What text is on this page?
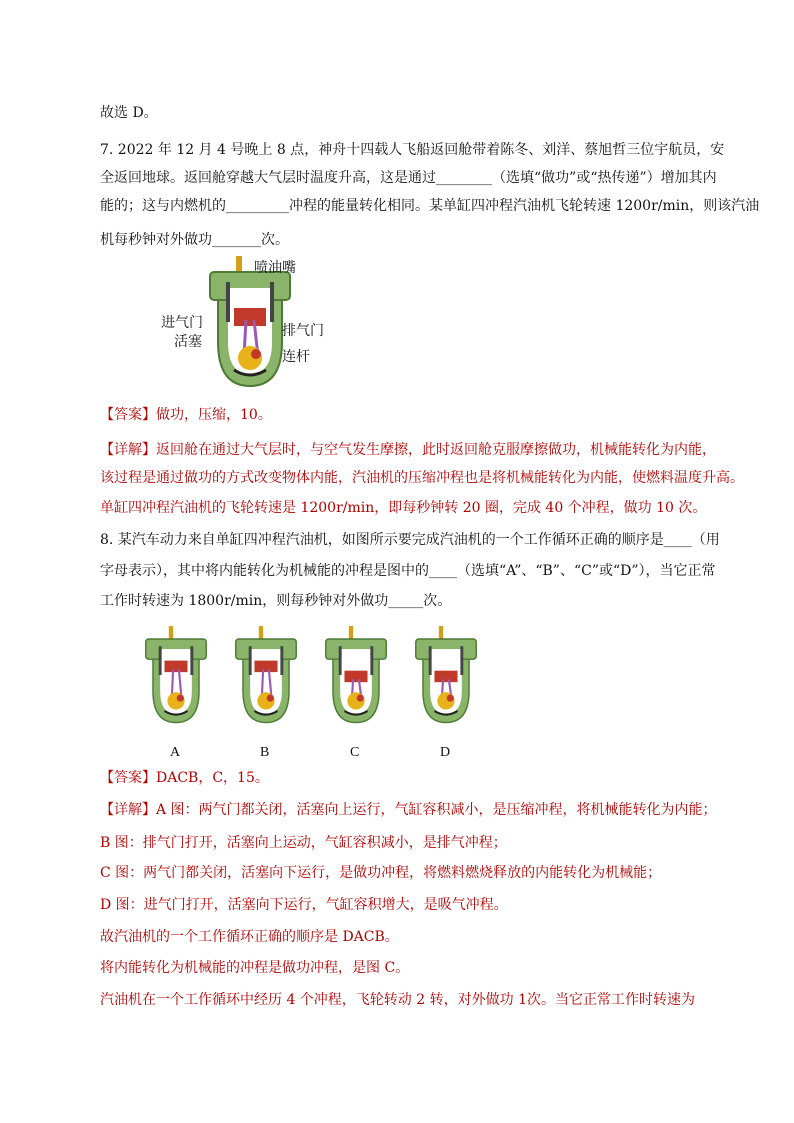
故选 D。
7. 2022 年 12 月 4 号晚上 8 点，神舟十四载人飞船返回舱带着陈冬、刘洋、蔡旭哲三位宇航员，安
全返回地球。返回舱穿越大气层时温度升高，这是通过________（选填“做功”或“热传递”）增加其内
能的；这与内燃机的_________冲程的能量转化相同。某单缸四冲程汽油机飞轮转速 1200r/min，则该汽油
机每秒钟对外做功_______次。
喷油嘴
进气门	排气门
活塞
连杆
【答案】做功，压缩，10。
【详解】返回舱在通过大气层时，与空气发生摩擦，此时返回舱克服摩擦做功，机械能转化为内能，
该过程是通过做功的方式改变物体内能，汽油机的压缩冲程也是将机械能转化为内能，使燃料温度升高。
单缸四冲程汽油机的飞轮转速是 1200r/min，即每秒钟转 20 圈，完成 40 个冲程，做功 10 次。
8. 某汽车动力来自单缸四冲程汽油机，如图所示要完成汽油机的一个工作循环正确的顺序是____（用
字母表示），其中将内能转化为机械能的冲程是图中的____（选填“A”、“B”、“C”或“D”），当它正常
工作时转速为 1800r/min，则每秒钟对外做功_____次。
A	B	C	D
【答案】DACB，C，15。
【详解】A 图：两气门都关闭，活塞向上运行，气缸容积减小，是压缩冲程，将机械能转化为内能；
B 图：排气门打开，活塞向上运动，气缸容积减小，是排气冲程；
C 图：两气门都关闭，活塞向下运行，是做功冲程，将燃料燃烧释放的内能转化为机械能；
D 图：进气门打开，活塞向下运行，气缸容积增大，是吸气冲程。
故汽油机的一个工作循环正确的顺序是 DACB。
将内能转化为机械能的冲程是做功冲程，是图 C。
汽油机在一个工作循环中经历 4 个冲程，飞轮转动 2 转，对外做功 1次。当它正常工作时转速为
